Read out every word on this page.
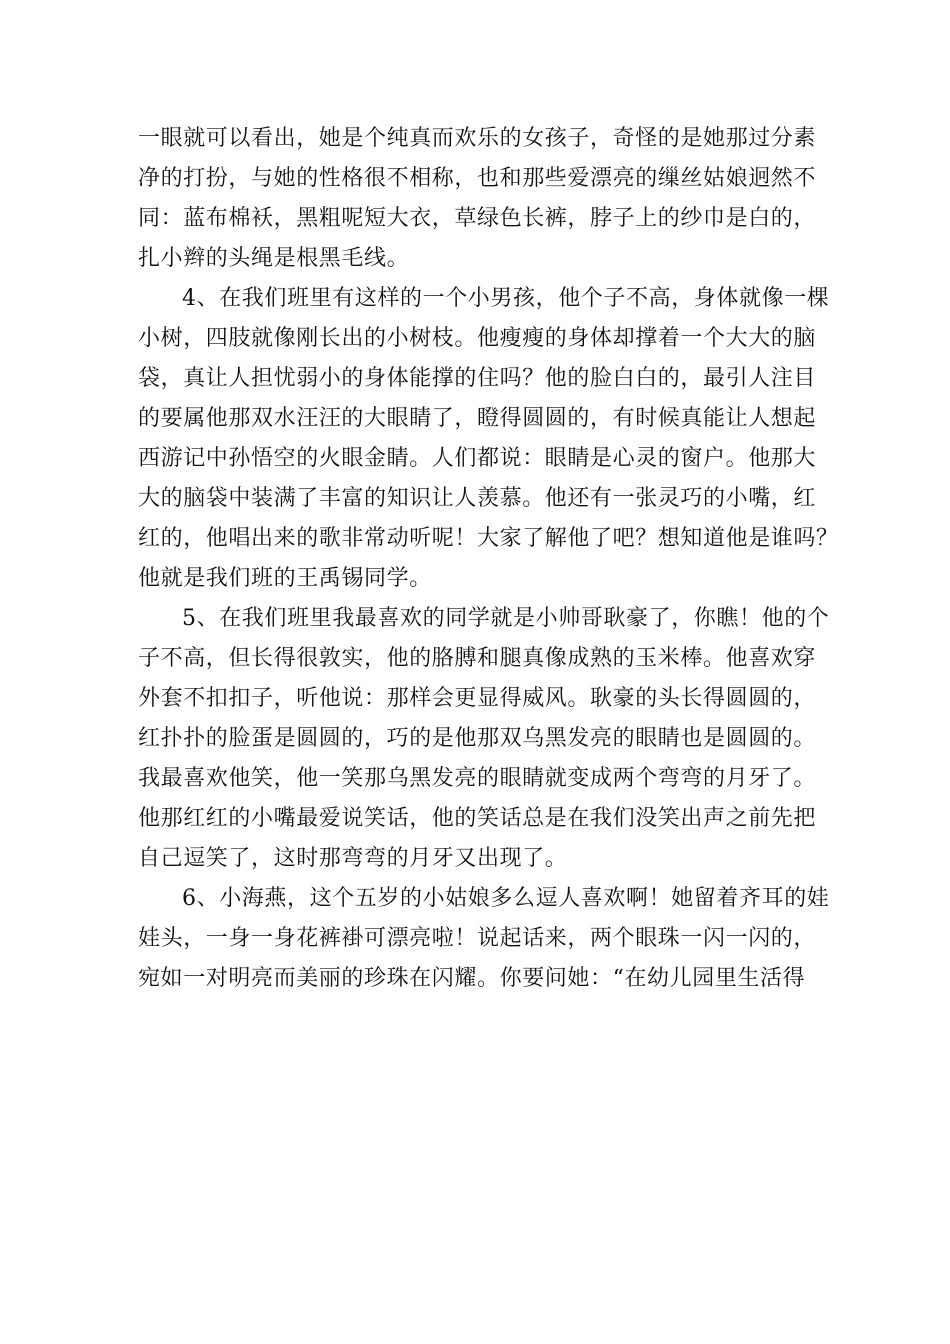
一眼就可以看出，她是个纯真而欢乐的女孩子，奇怪的是她那过分素
净的打扮，与她的性格很不相称，也和那些爱漂亮的缫丝姑娘迥然不
同：蓝布棉袄，黑粗呢短大衣，草绿色长裤，脖子上的纱巾是白的，
扎小辫的头绳是根黑毛线。
4、在我们班里有这样的一个小男孩，他个子不高，身体就像一棵
小树，四肢就像刚长出的小树枝。他瘦瘦的身体却撑着一个大大的脑
袋，真让人担忧弱小的身体能撑的住吗？他的脸白白的，最引人注目
的要属他那双水汪汪的大眼睛了，瞪得圆圆的，有时候真能让人想起
西游记中孙悟空的火眼金睛。人们都说：眼睛是心灵的窗户。他那大
大的脑袋中装满了丰富的知识让人羡慕。他还有一张灵巧的小嘴，红
红的，他唱出来的歌非常动听呢！大家了解他了吧？想知道他是谁吗？
他就是我们班的王禹锡同学。
5、在我们班里我最喜欢的同学就是小帅哥耿豪了，你瞧！他的个
子不高，但长得很敦实，他的胳膊和腿真像成熟的玉米棒。他喜欢穿
外套不扣扣子，听他说：那样会更显得威风。耿豪的头长得圆圆的，
红扑扑的脸蛋是圆圆的，巧的是他那双乌黑发亮的眼睛也是圆圆的。
我最喜欢他笑，他一笑那乌黑发亮的眼睛就变成两个弯弯的月牙了。
他那红红的小嘴最爱说笑话，他的笑话总是在我们没笑出声之前先把
自己逗笑了，这时那弯弯的月牙又出现了。
6、小海燕，这个五岁的小姑娘多么逗人喜欢啊！她留着齐耳的娃
娃头，一身一身花裤褂可漂亮啦！说起话来，两个眼珠一闪一闪的，
宛如一对明亮而美丽的珍珠在闪耀。你要问她：“在幼儿园里生活得
